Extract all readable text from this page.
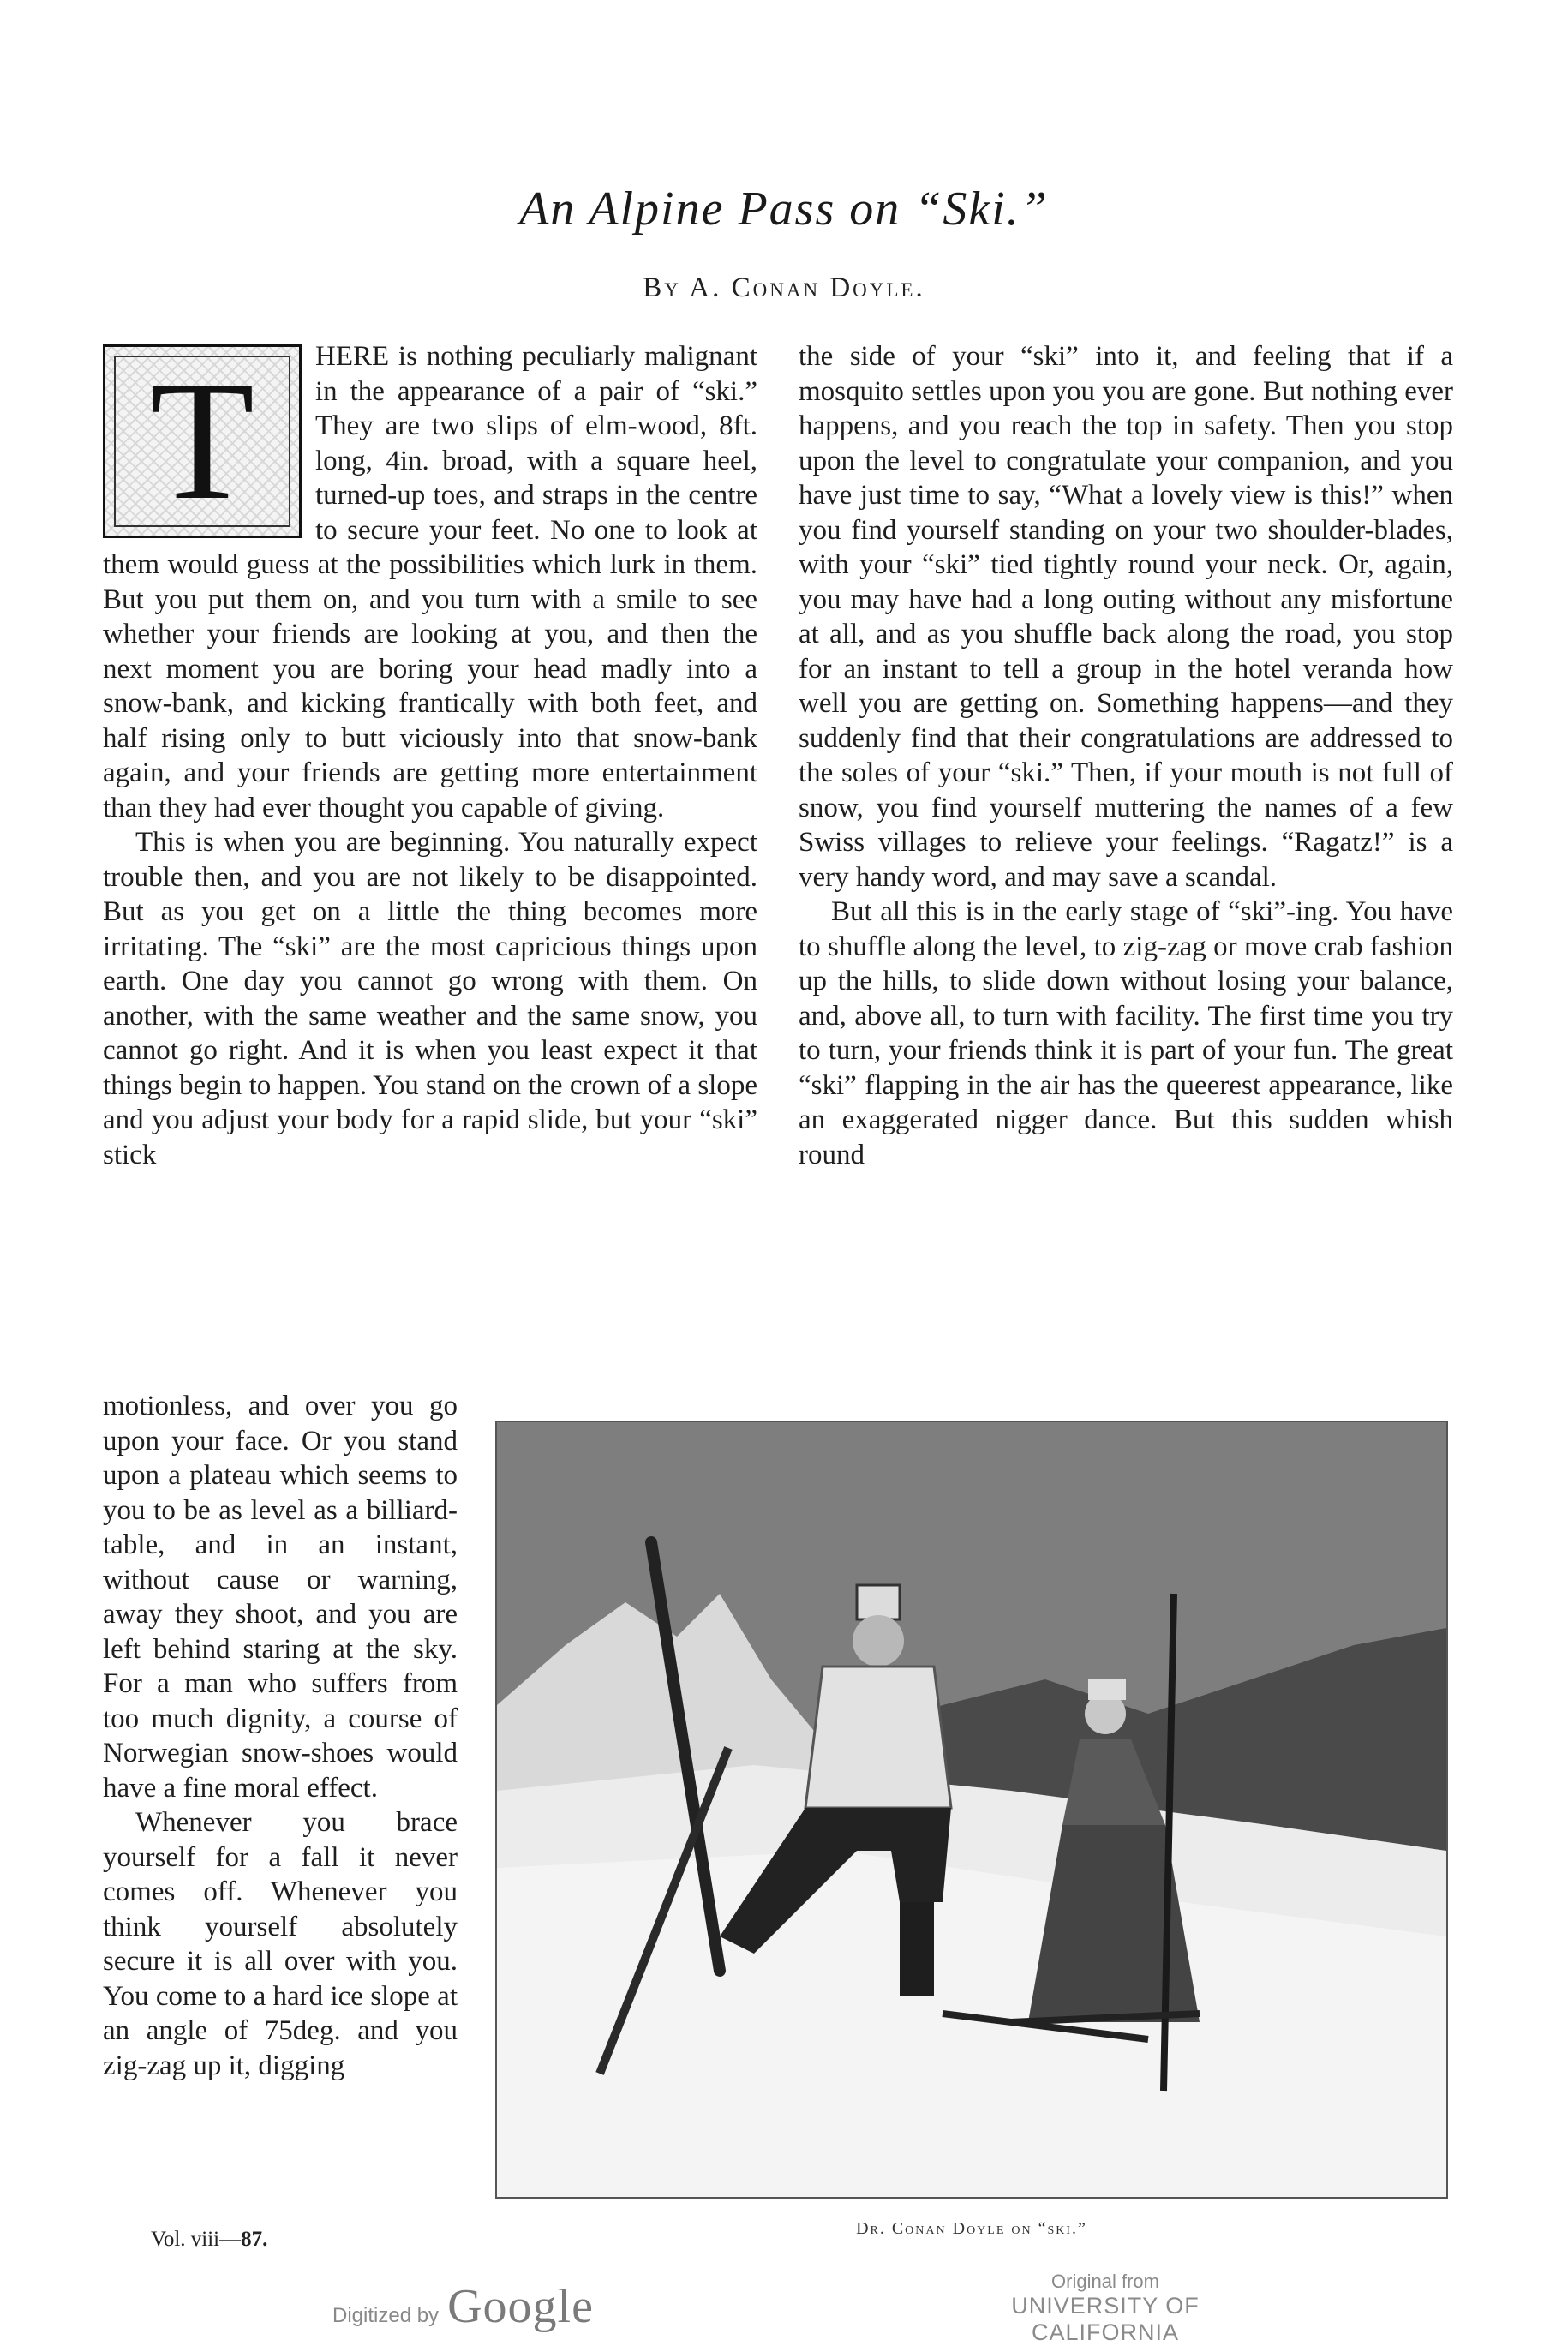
An Alpine Pass on “Ski.”
By A. Conan Doyle.
T	HERE is nothing peculiarly malignant in the appearance of a pair of “ski.” They are two slips of elm-wood, 8ft. long, 4in. broad, with a square heel, turned-up toes, and straps in the centre to secure your feet. No one to look at them would guess at the possibilities which lurk in them. But you put them on, and you turn with a smile to see whether your friends are looking at you, and then the next moment you are boring your head madly into a snow-bank, and kicking frantically with both feet, and half rising only to butt viciously into that snow-bank again, and your friends are getting more entertainment than they had ever thought you capable of giving.

This is when you are beginning. You naturally expect trouble then, and you are not likely to be disappointed. But as you get on a little the thing becomes more irritating. The “ski” are the most capricious things upon earth. One day you cannot go wrong with them. On another, with the same weather and the same snow, you cannot go right. And it is when you least expect it that things begin to happen. You stand on the crown of a slope and you adjust your body for a rapid slide, but your “ski” stick

the side of your “ski” into it, and feeling that if a mosquito settles upon you you are gone. But nothing ever happens, and you reach the top in safety. Then you stop upon the level to congratulate your companion, and you have just time to say, “What a lovely view is this!” when you find yourself standing on your two shoulder-blades, with your “ski” tied tightly round your neck. Or, again, you may have had a long outing without any misfortune at all, and as you shuffle back along the road, you stop for an instant to tell a group in the hotel veranda how well you are getting on. Something happens—and they suddenly find that their congratulations are addressed to the soles of your “ski.” Then, if your mouth is not full of snow, you find yourself muttering the names of a few Swiss villages to relieve your feelings. “Ragatz!” is a very handy word, and may save a scandal.

But all this is in the early stage of “ski”-ing. You have to shuffle along the level, to zig-zag or move crab fashion up the hills, to slide down without losing your balance, and, above all, to turn with facility. The first time you try to turn, your friends think it is part of your fun. The great “ski” flapping in the air has the queerest appearance, like an exaggerated nigger dance. But this sudden whish round

motionless, and over you go upon your face. Or you stand upon a plateau which seems to you to be as level as a billiard-table, and in an instant, without cause or warning, away they shoot, and you are left behind staring at the sky. For a man who suffers from too much dignity, a course of Norwegian snow-shoes would have a fine moral effect.

Whenever you brace yourself for a fall it never comes off. Whenever you think yourself absolutely secure it is all over with you. You come to a hard ice slope at an angle of 75deg. and you zig-zag up it, digging

Dr. Conan Doyle on “ski.”
Vol. viii—87.
Digitized by Google	Original from
UNIVERSITY OF CALIFORNIA
